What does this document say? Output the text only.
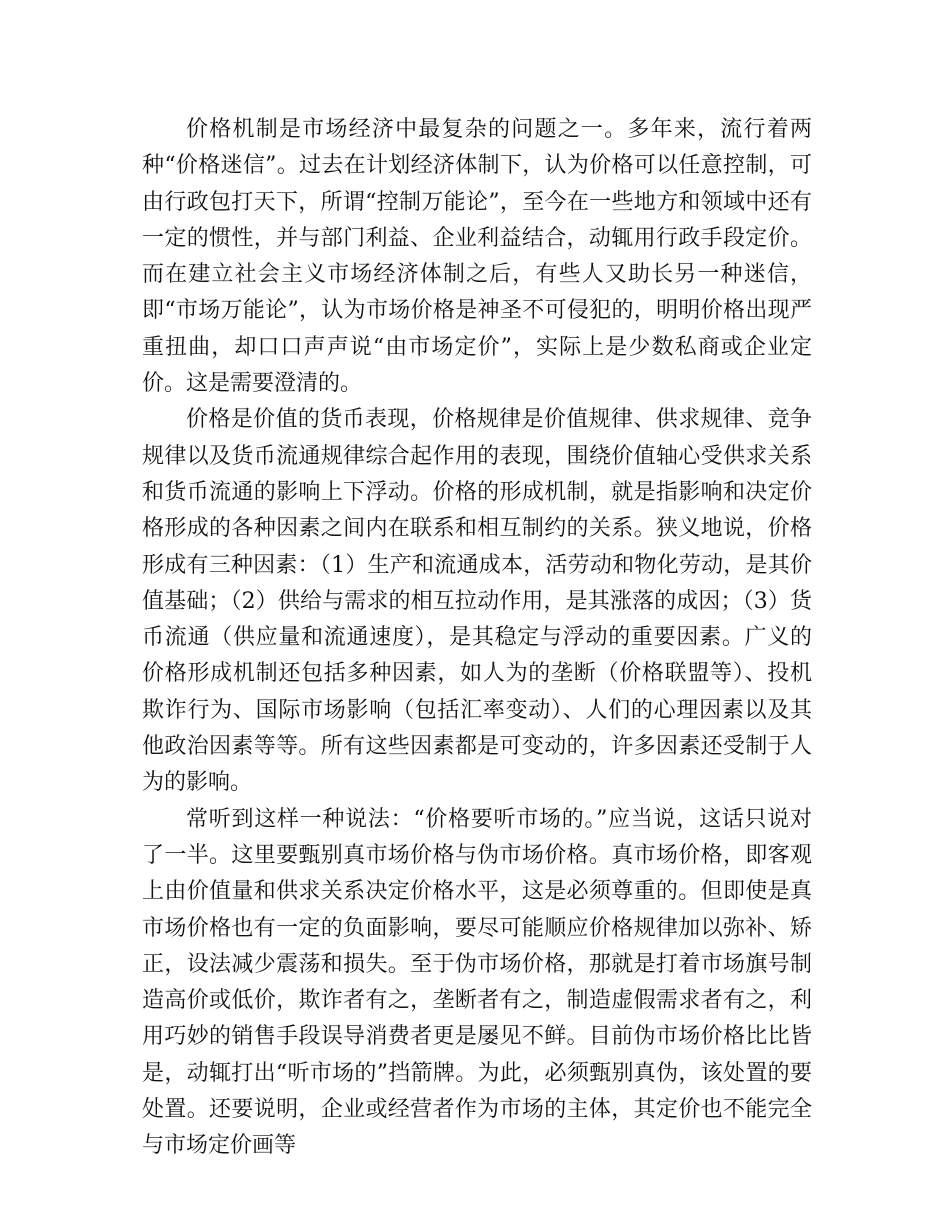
价格机制是市场经济中最复杂的问题之一。多年来，流行着两种“价格迷信”。过去在计划经济体制下，认为价格可以任意控制，可由行政包打天下，所谓“控制万能论”，至今在一些地方和领域中还有一定的惯性，并与部门利益、企业利益结合，动辄用行政手段定价。而在建立社会主义市场经济体制之后，有些人又助长另一种迷信，即“市场万能论”，认为市场价格是神圣不可侵犯的，明明价格出现严重扭曲，却口口声声说“由市场定价”，实际上是少数私商或企业定价。这是需要澄清的。

价格是价值的货币表现，价格规律是价值规律、供求规律、竞争规律以及货币流通规律综合起作用的表现，围绕价值轴心受供求关系和货币流通的影响上下浮动。价格的形成机制，就是指影响和决定价格形成的各种因素之间内在联系和相互制约的关系。狭义地说，价格形成有三种因素：（1）生产和流通成本，活劳动和物化劳动，是其价值基础；（2）供给与需求的相互拉动作用，是其涨落的成因；（3）货币流通（供应量和流通速度），是其稳定与浮动的重要因素。广义的价格形成机制还包括多种因素，如人为的垄断（价格联盟等）、投机欺诈行为、国际市场影响（包括汇率变动）、人们的心理因素以及其他政治因素等等。所有这些因素都是可变动的，许多因素还受制于人为的影响。

常听到这样一种说法：“价格要听市场的。”应当说，这话只说对了一半。这里要甄别真市场价格与伪市场价格。真市场价格，即客观上由价值量和供求关系决定价格水平，这是必须尊重的。但即使是真市场价格也有一定的负面影响，要尽可能顺应价格规律加以弥补、矫正，设法减少震荡和损失。至于伪市场价格，那就是打着市场旗号制造高价或低价，欺诈者有之，垄断者有之，制造虚假需求者有之，利用巧妙的销售手段误导消费者更是屡见不鲜。目前伪市场价格比比皆是，动辄打出“听市场的”挡箭牌。为此，必须甄别真伪，该处置的要处置。还要说明，企业或经营者作为市场的主体，其定价也不能完全与市场定价画等
